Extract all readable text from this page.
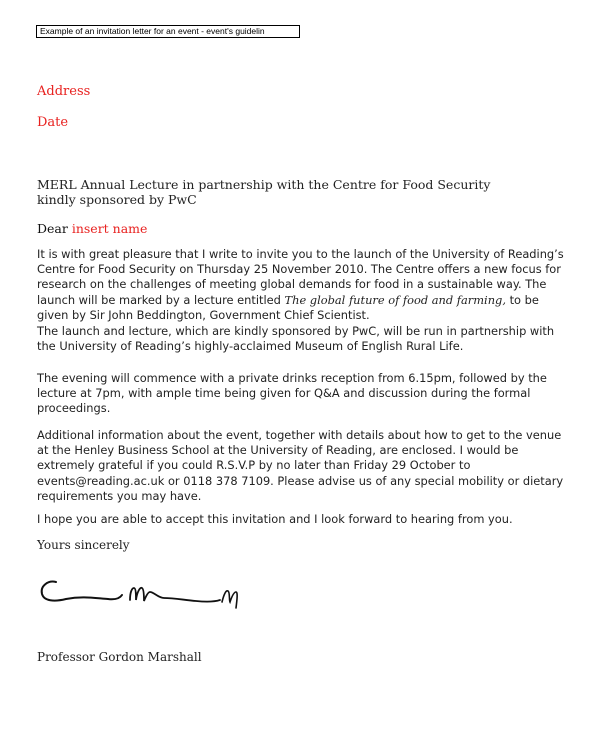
Example of an invitation letter for an event - event's guidelin
Address
Date
MERL Annual Lecture in partnership with the Centre for Food Security
kindly sponsored by PwC
Dear insert name
It is with great pleasure that I write to invite you to the launch of the University of Reading’s Centre for Food Security on Thursday 25 November 2010. The Centre offers a new focus for research on the challenges of meeting global demands for food in a sustainable way. The launch will be marked by a lecture entitled The global future of food and farming, to be given by Sir John Beddington, Government Chief Scientist.
The launch and lecture, which are kindly sponsored by PwC, will be run in partnership with the University of Reading’s highly-acclaimed Museum of English Rural Life.
The evening will commence with a private drinks reception from 6.15pm, followed by the lecture at 7pm, with ample time being given for Q&A and discussion during the formal proceedings.
Additional information about the event, together with details about how to get to the venue at the Henley Business School at the University of Reading, are enclosed. I would be extremely grateful if you could R.S.V.P by no later than Friday 29 October to events@reading.ac.uk or 0118 378 7109. Please advise us of any special mobility or dietary requirements you may have.
I hope you are able to accept this invitation and I look forward to hearing from you.
Yours sincerely
Professor Gordon Marshall
